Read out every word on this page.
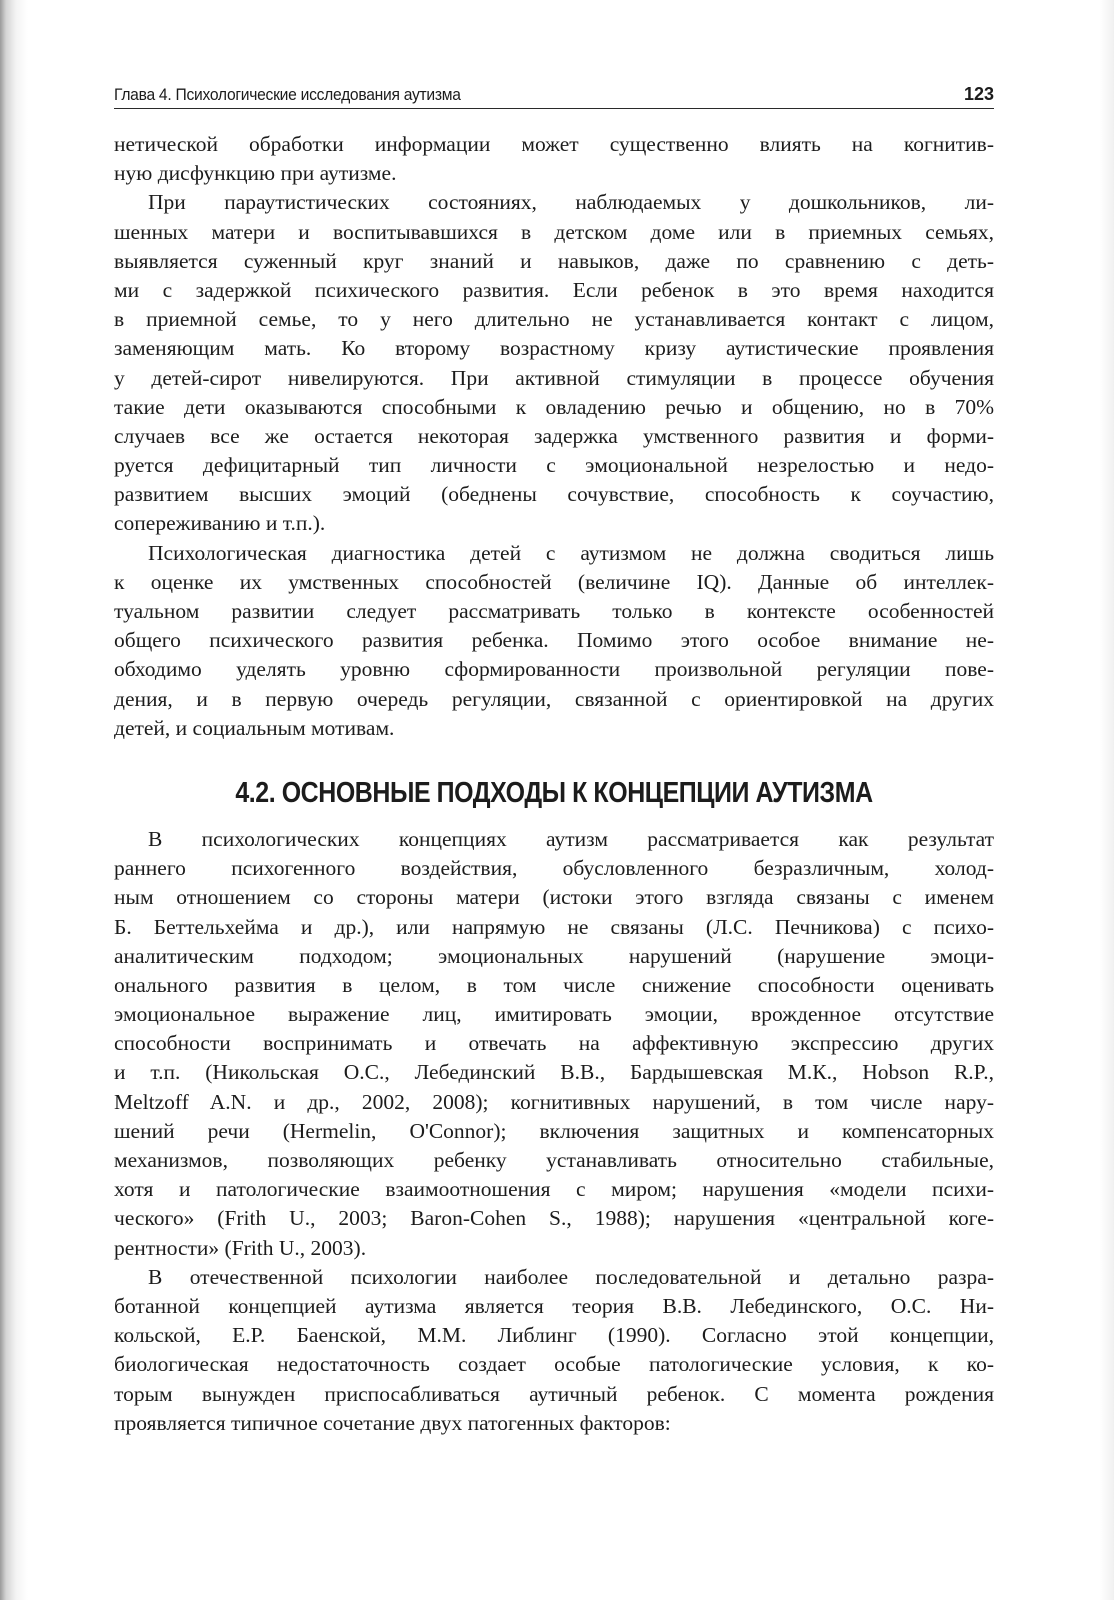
Глава 4. Психологические исследования аутизма	123
нетической обработки информации может существенно влиять на когнитив-
ную дисфункцию при аутизме.
При параутистических состояниях, наблюдаемых у дошкольников, ли-
шенных матери и воспитывавшихся в детском доме или в приемных семьях,
выявляется суженный круг знаний и навыков, даже по сравнению с деть-
ми с задержкой психического развития. Если ребенок в это время находится
в приемной семье, то у него длительно не устанавливается контакт с лицом,
заменяющим мать. Ко второму возрастному кризу аутистические проявления
у детей-сирот нивелируются. При активной стимуляции в процессе обучения
такие дети оказываются способными к овладению речью и общению, но в 70%
случаев все же остается некоторая задержка умственного развития и форми-
руется дефицитарный тип личности с эмоциональной незрелостью и недо-
развитием высших эмоций (обеднены сочувствие, способность к соучастию,
сопереживанию и т.п.).
Психологическая диагностика детей с аутизмом не должна сводиться лишь
к оценке их умственных способностей (величине IQ). Данные об интеллек-
туальном развитии следует рассматривать только в контексте особенностей
общего психического развития ребенка. Помимо этого особое внимание не-
обходимо уделять уровню сформированности произвольной регуляции пове-
дения, и в первую очередь регуляции, связанной с ориентировкой на других
детей, и социальным мотивам.
4.2. ОСНОВНЫЕ ПОДХОДЫ К КОНЦЕПЦИИ АУТИЗМА
В психологических концепциях аутизм рассматривается как результат
раннего психогенного воздействия, обусловленного безразличным, холод-
ным отношением со стороны матери (истоки этого взгляда связаны с именем
Б. Беттельхейма и др.), или напрямую не связаны (Л.С. Печникова) с психо-
аналитическим подходом; эмоциональных нарушений (нарушение эмоци-
онального развития в целом, в том числе снижение способности оценивать
эмоциональное выражение лиц, имитировать эмоции, врожденное отсутствие
способности воспринимать и отвечать на аффективную экспрессию других
и т.п. (Никольская О.С., Лебединский В.В., Бардышевская М.К., Hobson R.P.,
Meltzoff A.N. и др., 2002, 2008); когнитивных нарушений, в том числе нару-
шений речи (Hermelin, O'Connor); включения защитных и компенсаторных
механизмов, позволяющих ребенку устанавливать относительно стабильные,
хотя и патологические взаимоотношения с миром; нарушения «модели психи-
ческого» (Frith U., 2003; Baron-Cohen S., 1988); нарушения «центральной коге-
рентности» (Frith U., 2003).
В отечественной психологии наиболее последовательной и детально разра-
ботанной концепцией аутизма является теория В.В. Лебединского, О.С. Ни-
кольской, Е.Р. Баенской, М.М. Либлинг (1990). Согласно этой концепции,
биологическая недостаточность создает особые патологические условия, к ко-
торым вынужден приспосабливаться аутичный ребенок. С момента рождения
проявляется типичное сочетание двух патогенных факторов:
